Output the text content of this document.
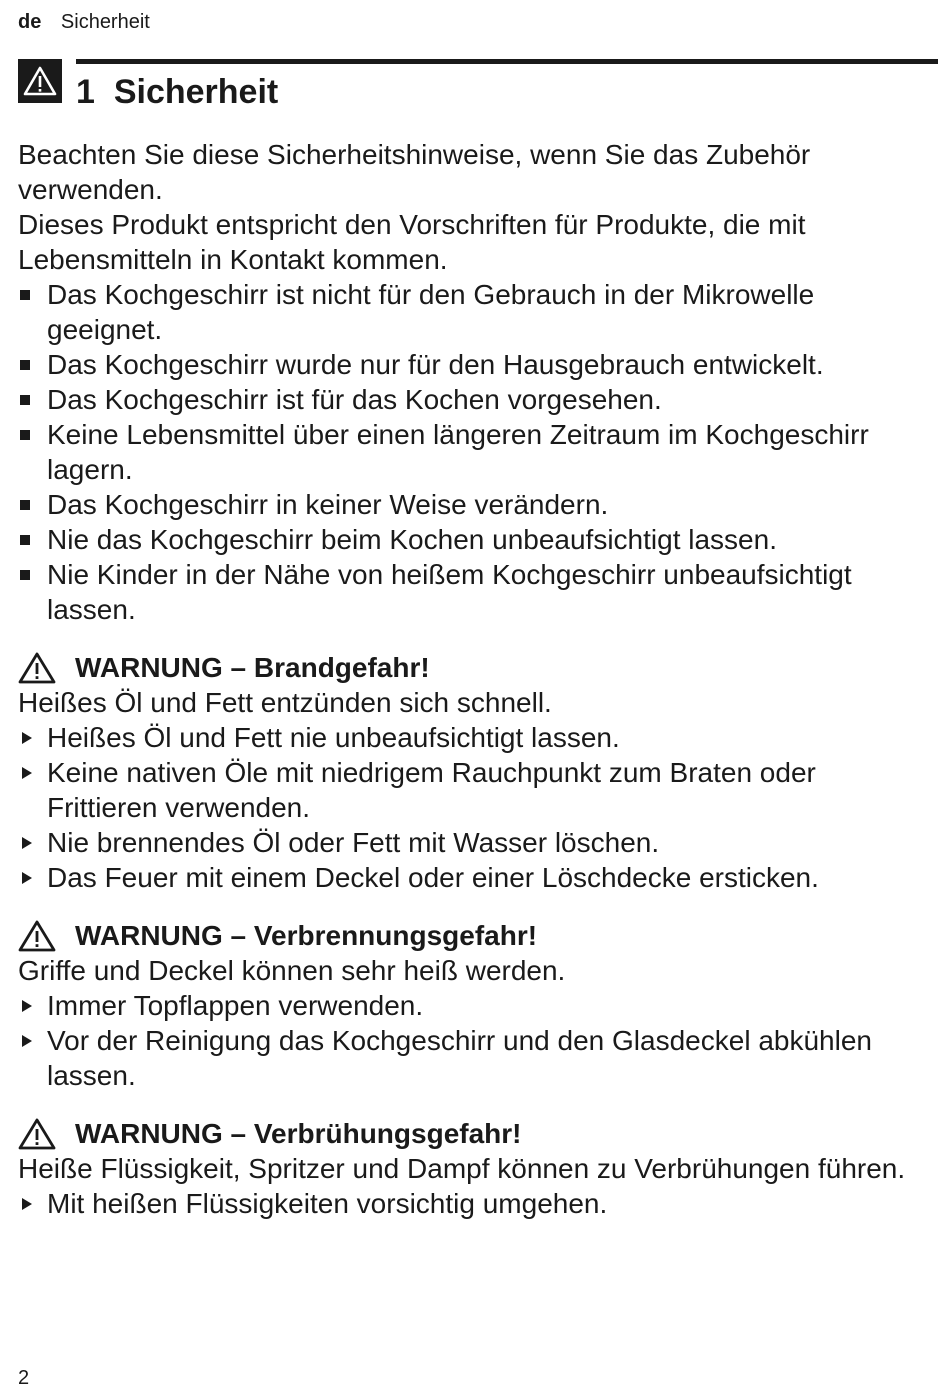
de Sicherheit
1 Sicherheit

Beachten Sie diese Sicherheitshinweise, wenn Sie das Zubehör verwenden.

Dieses Produkt entspricht den Vorschriften für Produkte, die mit Lebensmitteln in Kontakt kommen.

Das Kochgeschirr ist nicht für den Gebrauch in der Mikrowelle geeignet.
Das Kochgeschirr wurde nur für den Hausgebrauch entwickelt.
Das Kochgeschirr ist für das Kochen vorgesehen.
Keine Lebensmittel über einen längeren Zeitraum im Kochgeschirr lagern.
Das Kochgeschirr in keiner Weise verändern.
Nie das Kochgeschirr beim Kochen unbeaufsichtigt lassen.
Nie Kinder in der Nähe von heißem Kochgeschirr unbeaufsichtigt lassen.
WARNUNG – Brandgefahr!

Heißes Öl und Fett entzünden sich schnell.

Heißes Öl und Fett nie unbeaufsichtigt lassen.
Keine nativen Öle mit niedrigem Rauchpunkt zum Braten oder Frittieren verwenden.
Nie brennendes Öl oder Fett mit Wasser löschen.
Das Feuer mit einem Deckel oder einer Löschdecke ersticken.
WARNUNG – Verbrennungsgefahr!

Griffe und Deckel können sehr heiß werden.

Immer Topflappen verwenden.
Vor der Reinigung das Kochgeschirr und den Glasdeckel abkühlen lassen.
WARNUNG – Verbrühungsgefahr!

Heiße Flüssigkeit, Spritzer und Dampf können zu Verbrühungen führen.

Mit heißen Flüssigkeiten vorsichtig umgehen.
2
